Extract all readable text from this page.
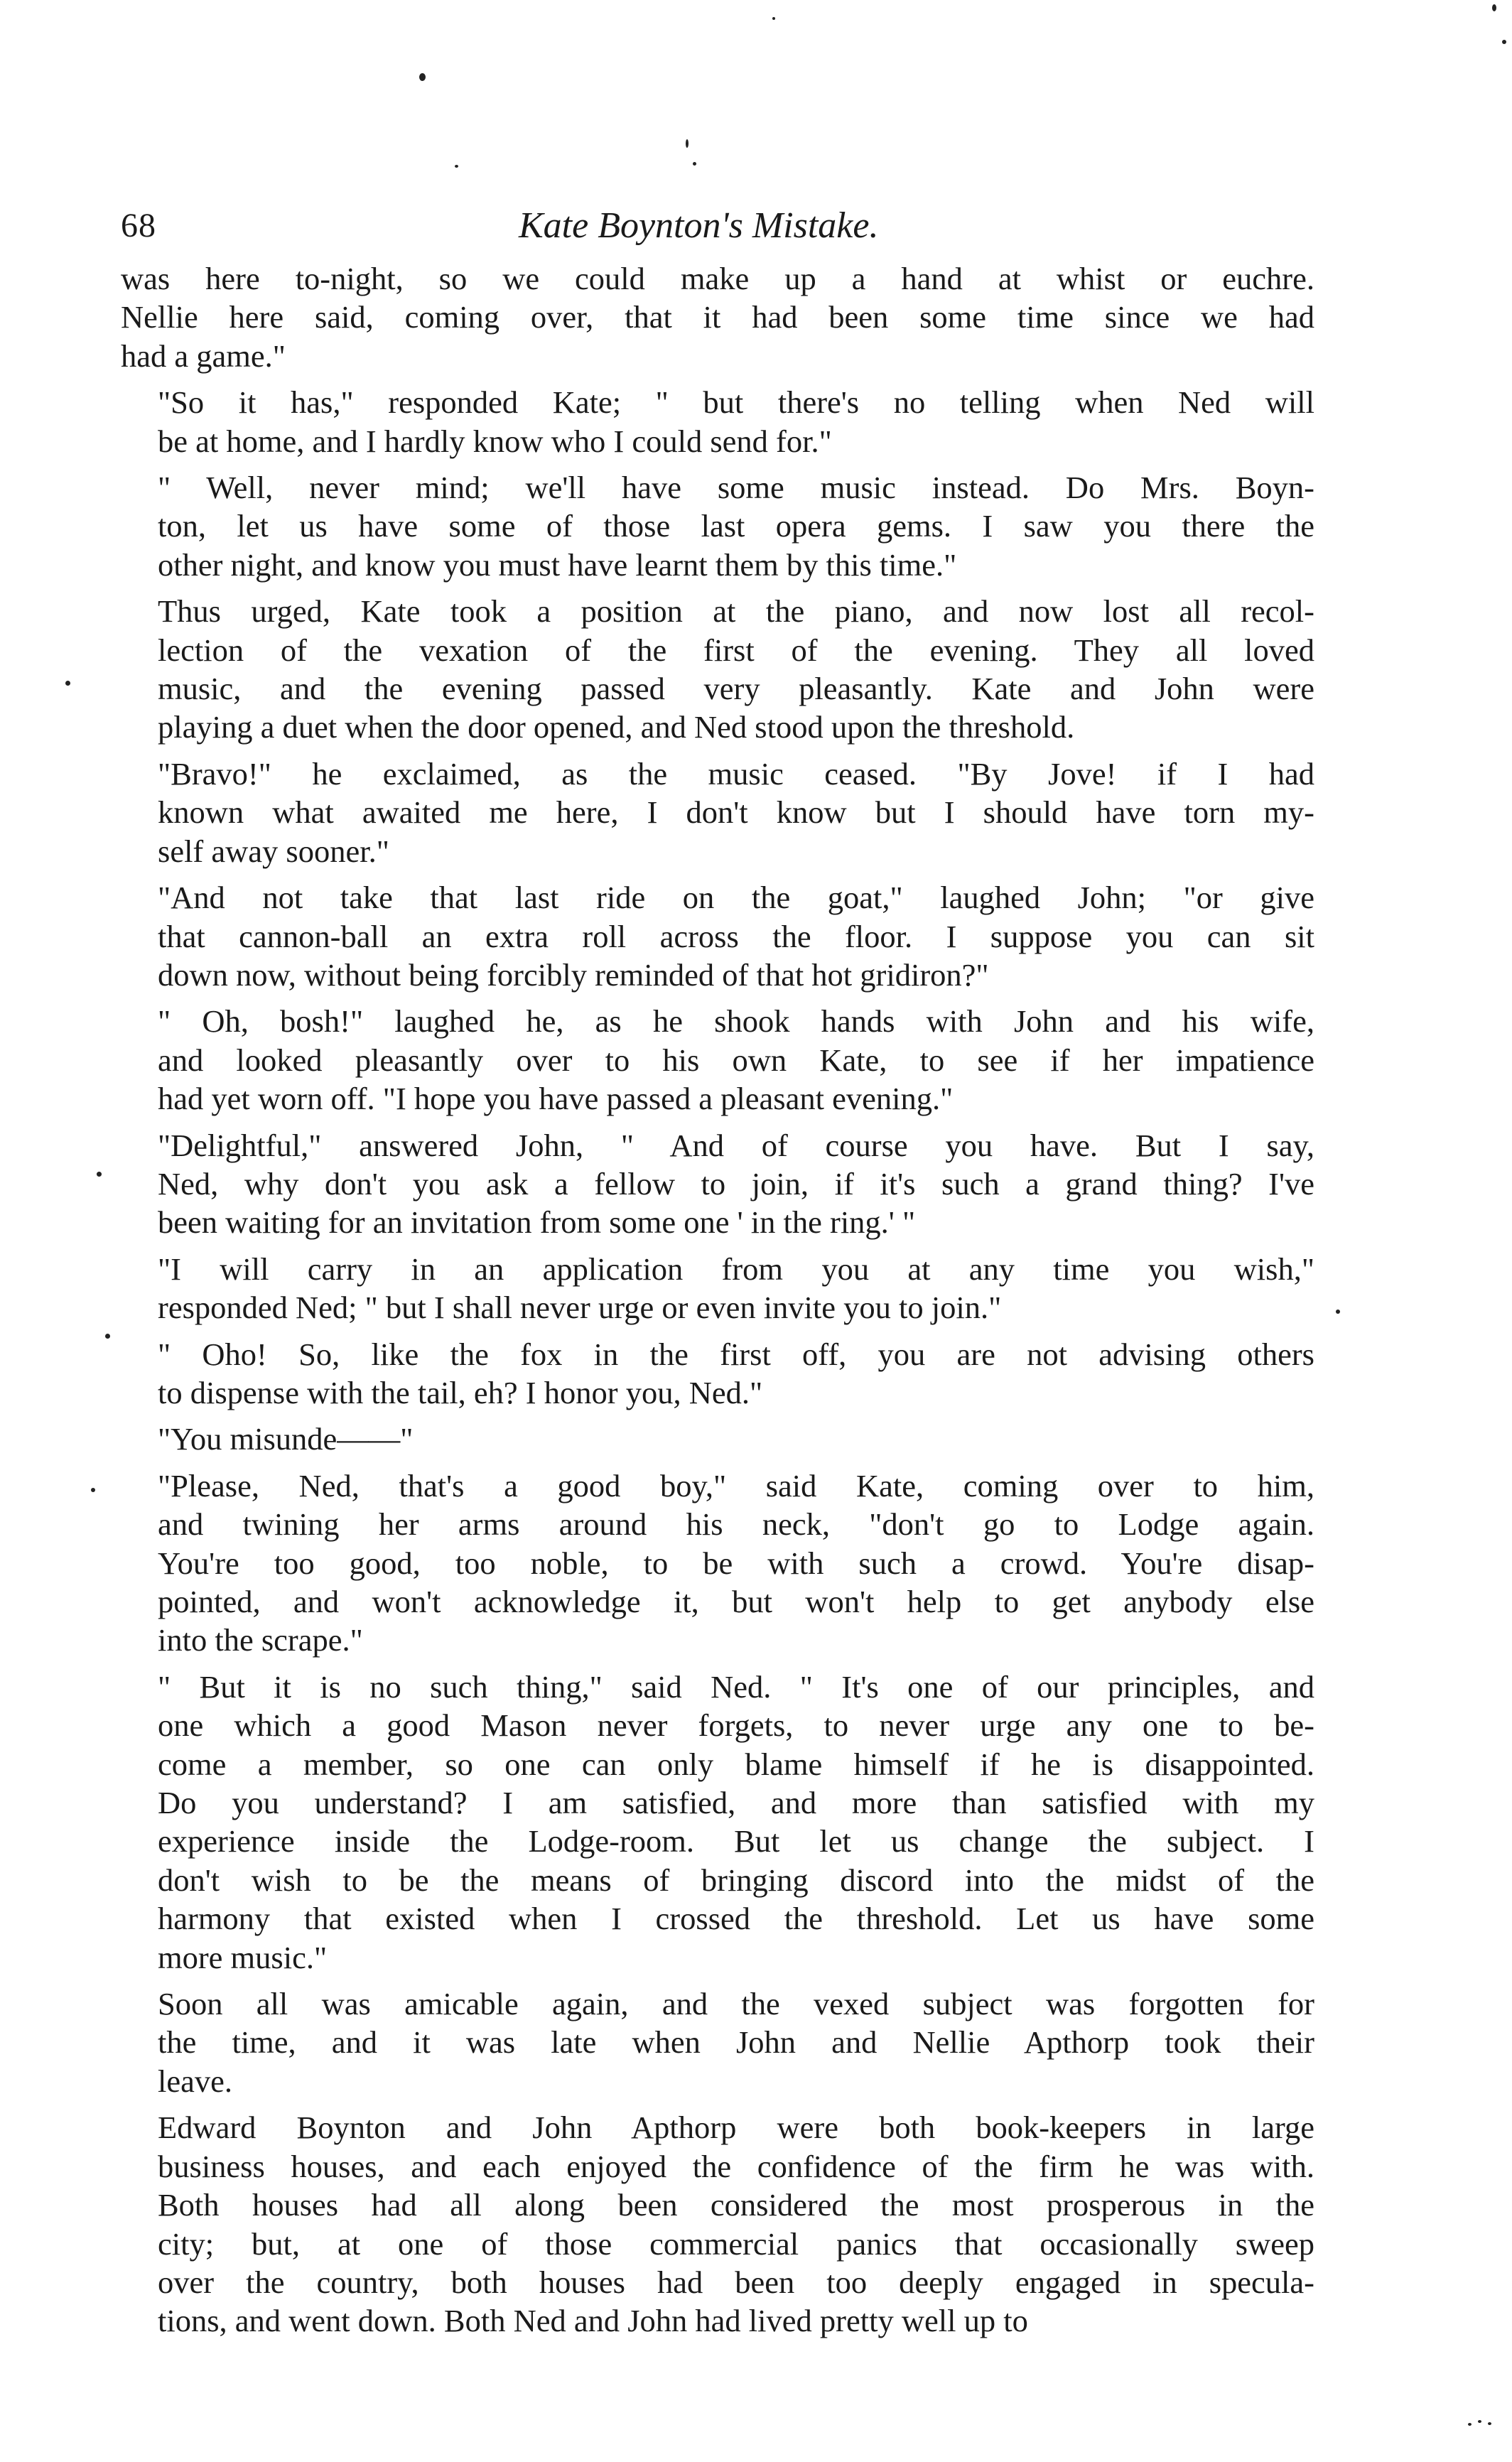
68	Kate Boynton's Mistake.

was here to-night, so we could make up a hand at whist or euchre.
Nellie here said, coming over, that it had been some time since we had
had a game."

"So it has," responded Kate; " but there's no telling when Ned will
be at home, and I hardly know who I could send for."

" Well, never mind; we'll have some music instead. Do Mrs. Boyn-
ton, let us have some of those last opera gems. I saw you there the
other night, and know you must have learnt them by this time."

Thus urged, Kate took a position at the piano, and now lost all recol-
lection of the vexation of the first of the evening. They all loved
music, and the evening passed very pleasantly. Kate and John were
playing a duet when the door opened, and Ned stood upon the threshold.

"Bravo!" he exclaimed, as the music ceased. "By Jove! if I had
known what awaited me here, I don't know but I should have torn my-
self away sooner."

"And not take that last ride on the goat," laughed John; "or give
that cannon-ball an extra roll across the floor. I suppose you can sit
down now, without being forcibly reminded of that hot gridiron?"

" Oh, bosh!" laughed he, as he shook hands with John and his wife,
and looked pleasantly over to his own Kate, to see if her impatience
had yet worn off. "I hope you have passed a pleasant evening."

"Delightful," answered John, " And of course you have. But I say,
Ned, why don't you ask a fellow to join, if it's such a grand thing? I've
been waiting for an invitation from some one ' in the ring.' "

"I will carry in an application from you at any time you wish,"
responded Ned; " but I shall never urge or even invite you to join."

" Oho! So, like the fox in the first off, you are not advising others
to dispense with the tail, eh? I honor you, Ned."

"You misunde——"

"Please, Ned, that's a good boy," said Kate, coming over to him,
and twining her arms around his neck, "don't go to Lodge again.
You're too good, too noble, to be with such a crowd. You're disap-
pointed, and won't acknowledge it, but won't help to get anybody else
into the scrape."

" But it is no such thing," said Ned. " It's one of our principles, and
one which a good Mason never forgets, to never urge any one to be-
come a member, so one can only blame himself if he is disappointed.
Do you understand? I am satisfied, and more than satisfied with my
experience inside the Lodge-room. But let us change the subject. I
don't wish to be the means of bringing discord into the midst of the
harmony that existed when I crossed the threshold. Let us have some
more music."

Soon all was amicable again, and the vexed subject was forgotten for
the time, and it was late when John and Nellie Apthorp took their
leave.

Edward Boynton and John Apthorp were both book-keepers in large
business houses, and each enjoyed the confidence of the firm he was with.
Both houses had all along been considered the most prosperous in the
city; but, at one of those commercial panics that occasionally sweep
over the country, both houses had been too deeply engaged in specula-
tions, and went down. Both Ned and John had lived pretty well up to
